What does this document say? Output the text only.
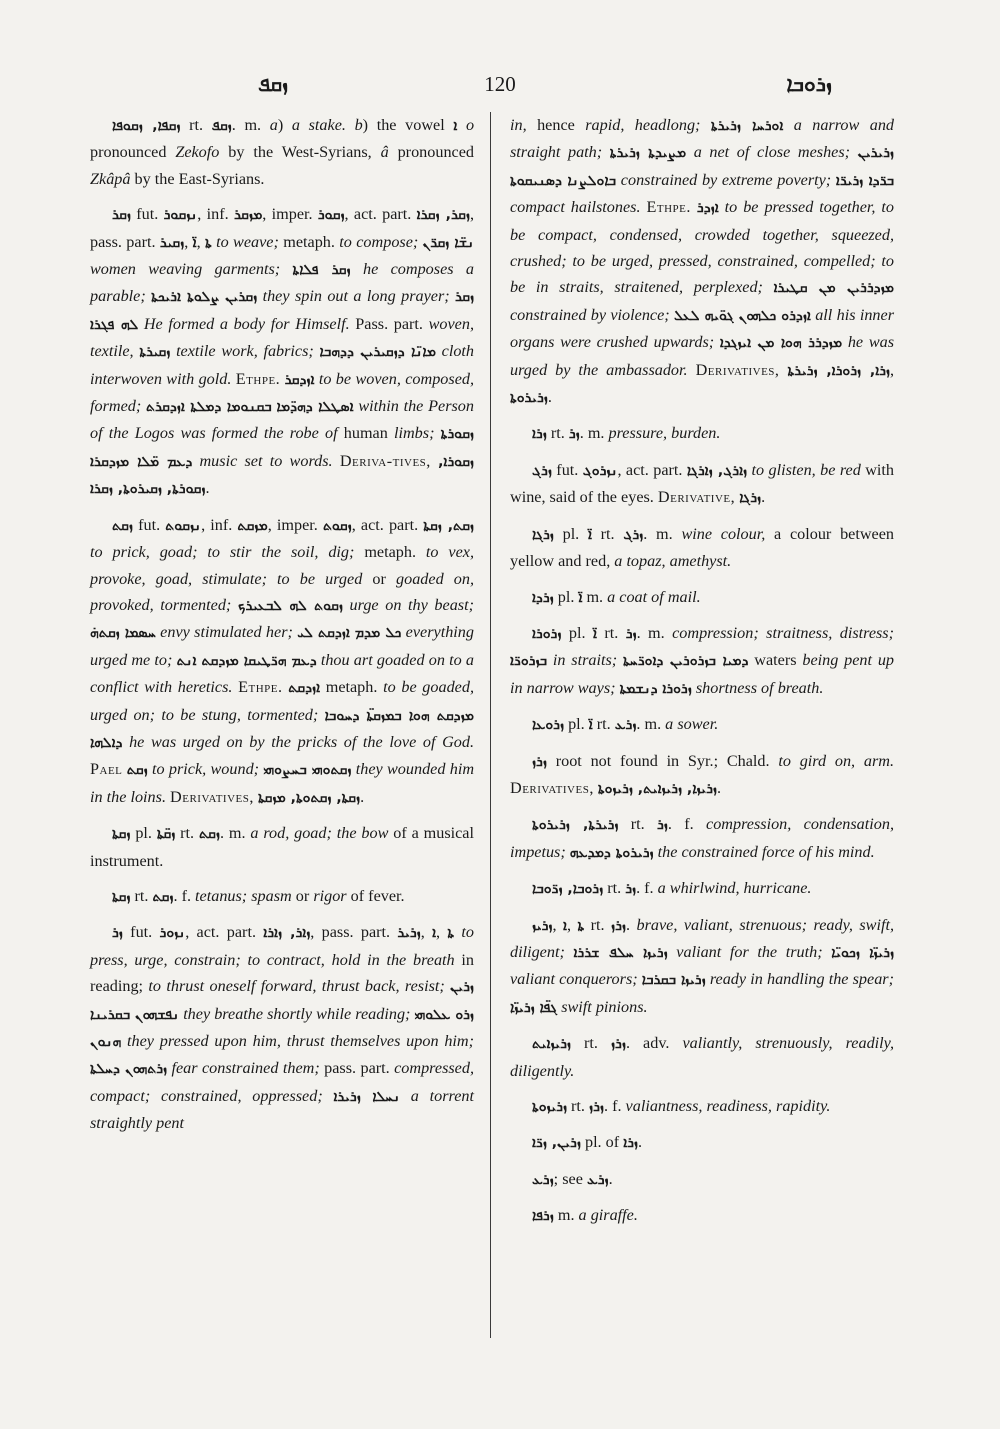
ܙܩܦ	120	ܙܪܘܒܐ

ܙܩܦܐ, ܙܩܘܦܐ rt. ܙܩܦ. m. a) a stake. b) the vowel ܐ o pronounced Zekofo by the West-Syrians, â pronounced Zkâpâ by the East-Syrians.

ܙܩܪ fut. ܢܙܩܘܪ, inf. ܡܙܩܪ, imper. ܙܩܘܪ, act. part. ܙܩܪ, ܙܩܪܐ, pass. part. ܙܩܝܪ, ܐ̈, ܬܐ to weave; metaph. to compose; ܢܫ̈ܐ ܙܩܪ̈ܢ women weaving garments; ܙܩܪ ܦܠܐܬܐ he composes a parable; ܙܩܪܝܢ ܨܠܘܬܐ ܐܪܝܟܬܐ they spin out a long prayer; ܙܩܪ ܠܗ ܦܓܪܐ He formed a body for Himself. Pass. part. woven, textile, ܙܩܝܪܬܐ textile work, fabrics; ܡܐܢ̈ܐ ܕܙܩܝܪܝܢ ܕܕܗܒܐ cloth interwoven with gold. Ethpe. ܐܙܕܩܪ to be woven, composed, formed; ܒܩܢܘܡܐ ܕܡܠܬܐ ܐܙܕܩܪܬ ܐܣܛܠܐ ܕܗܕ̈ܡܐ within the Person of the Logos was formed the robe of human limbs; ܙܩܘܪܬܐ ܕܥܡ ܡ̈ܠܐ ܡܙܕܩܪܐ music set to words. Deriva-tives, ܙܩܘܪܐ, ܙܩܘܪܬܐ, ܙܩܝܪܘܬܐ, ܙܩܪܐ.

ܙܩܬ fut. ܢܙܩܘܬ, inf. ܡܙܩܬ, imper. ܙܩܘܬ, act. part. ܙܩܬ, ܙܩܬܐ to prick, goad; to stir the soil, dig; metaph. to vex, provoke, goad, stimulate; to be urged or goaded on, provoked, tormented; ܙܩܘܬ ܠܗ ܠܒܥܝܪܟ urge on thy beast; ܚܣܡܐ ܙܩܬܗ̇ envy stimulated her; ܟܠ ܡܕܡ ܐܙܕܩܬ ܠܝ everything urged me to; ܕܥܡ ܗܪ̈ܛܝܩܐ ܡܙܕܩܬ ܐܢܬ thou art goaded on to a conflict with heretics. Ethpe. ܐܙܕܩܬ metaph. to be goaded, urged on; to be stung, tormented; ܡܙܕܩܬ ܗܘܐ ܒܡܙܩܬ̈ܐ ܕܚܘܒܐ ܕܐܠܗܐ he was urged on by the pricks of the love of God. Pael ܙܩܬ to prick, wound; ܙܩܬܘܗܝ ܒܚܨܘܗܝ they wounded him in the loins. Derivatives, ܙܩܬܐ, ܙܩܬܘܬܐ, ܡܙܩܬܐ.

ܙܩܬܐ pl. ܙܩ̈ܬܐ rt. ܙܩܬ. m. a rod, goad; the bow of a musical instrument.

ܙܩܬܐ rt. ܙܩܬ. f. tetanus; spasm or rigor of fever.

ܙܪ fut. ܢܙܘܪ, act. part. ܙܐܪ, ܙܐܪܐ, pass. part. ܙܪܝܪ, ܐ, ܬܐ to press, urge, constrain; to contract, hold in the breath in reading; to thrust oneself forward, thrust back, resist; ܙܪܝܢ ܢܦܫܗܘܢ ܒܩܪܝܢܐ they breathe shortly while reading; ܙܪܘ ܥܠܘܗܝ ܗܢܘܢ they pressed upon him, thrust themselves upon him; ܙܪܬܗܘܢ ܕܚܠܬܐ fear constrained them; pass. part. compressed, compact; constrained, oppressed; ܢܚܠܐ ܙܪܝܪܐ a torrent straightly pent

in, hence rapid, headlong; ܐܘܪܚܐ ܙܪܝܪܬܐ a narrow and straight path; ܡܨܝܕܬܐ ܙܪܝܪܬܐ a net of close meshes; ܙܪܝܪܝܢ ܒܐܘܠܨܢܐ ܕܣܢܝܩܘܬܐ constrained by extreme poverty; ܒܪ̈ܕܐ ܙܪܝܪ̈ܐ compact hailstones. Ethpe. ܐܙܕܪ to be pressed together, to be compact, condensed, crowded together, squeezed, crushed; to be urged, pressed, constrained, compelled; to be in straits, straitened, perplexed; ܡܙܕܪܪܝܢ ܡܢ ܩܛܝܪܐ constrained by violence; ܐܙܕܪܘ ܟܠܗܘܢ ܓܘ̈ܝܗ ܠܥܠ all his inner organs were crushed upwards; ܡܙܕܪܪ ܗܘܐ ܡܢ ܐܝܙܓܕܐ he was urged by the ambassador. Derivatives, ܙܪܐ, ܙܪܘܪܐ, ܙܪܝܪܬܐ, ܙܪܝܪܘܬܐ.

ܙܪܐ rt. ܙܪ. m. pressure, burden.

ܙܪܓ fut. ܢܙܪܘܓ, act. part. ܙܐܪܓ, ܙܐܪܓܐ to glisten, be red with wine, said of the eyes. Derivative, ܙܪܓܐ.

ܙܪܓܐ pl. ܐ̈ rt. ܙܪܓ. m. wine colour, a colour between yellow and red, a topaz, amethyst.

ܙܪܕܐ pl. ܐ̈ m. a coat of mail.

ܙܪܘܪܐ pl. ܐ̈ rt. ܙܪ. m. compression; straitness, distress; ܒܙܪܘܪ̈ܐ in straits; ܕܡܝܐ ܒܙܪܘܪܝܢ ܕܐܘܪ̈ܚܬܐ waters being pent up in narrow ways; ܙܪܘܪܐ ܕܢܫܡܬܐ shortness of breath.

ܙܪܘܥܐ pl. ܐ̈ rt. ܙܪܥ. m. a sower.

ܙܪܙ root not found in Syr.; Chald. to gird on, arm. Derivatives, ܙܪܝܙܐ, ܙܪܝܙܐܝܬ, ܙܪܝܙܘܬܐ.

ܙܪܝܪܬܐ, ܙܪܝܪܘܬܐ rt. ܙܪ. f. compression, condensation, impetus; ܙܪܝܪܘܬܐ ܕܡܕܥܗ the constrained force of his mind.

ܙܪܘܒܐ, ܙܪ̈ܘܒܐ rt. ܙܪ. f. a whirlwind, hurricane.

ܙܪܝܙ, ܐ, ܬܐ rt. ܙܪܙ. brave, valiant, strenuous; ready, swift, diligent; ܙܪܝܙܐ ܚܠܦ ܫܪܪܐ valiant for the truth; ܙܪܝܙ̈ܐ ܙܟܘܝ̈ܐ valiant conquerors; ܙܪܝܙܐ ܒܩܪܒܐ ready in handling the spear; ܓܦ̈ܐ ܙܪܝܙ̈ܐ swift pinions.

ܙܪܝܙܐܝܬ rt. ܙܪܙ. adv. valiantly, strenuously, readily, diligently.

ܙܪܝܙܘܬܐ rt. ܙܪܙ. f. valiantness, readiness, rapidity.

ܙܪܝܢ, ܙܪ̈ܐ pl. of ܙܪܐ.

ܙܪܥ; see ܙܪܥ.

ܙܪܦܐ m. a giraffe.
